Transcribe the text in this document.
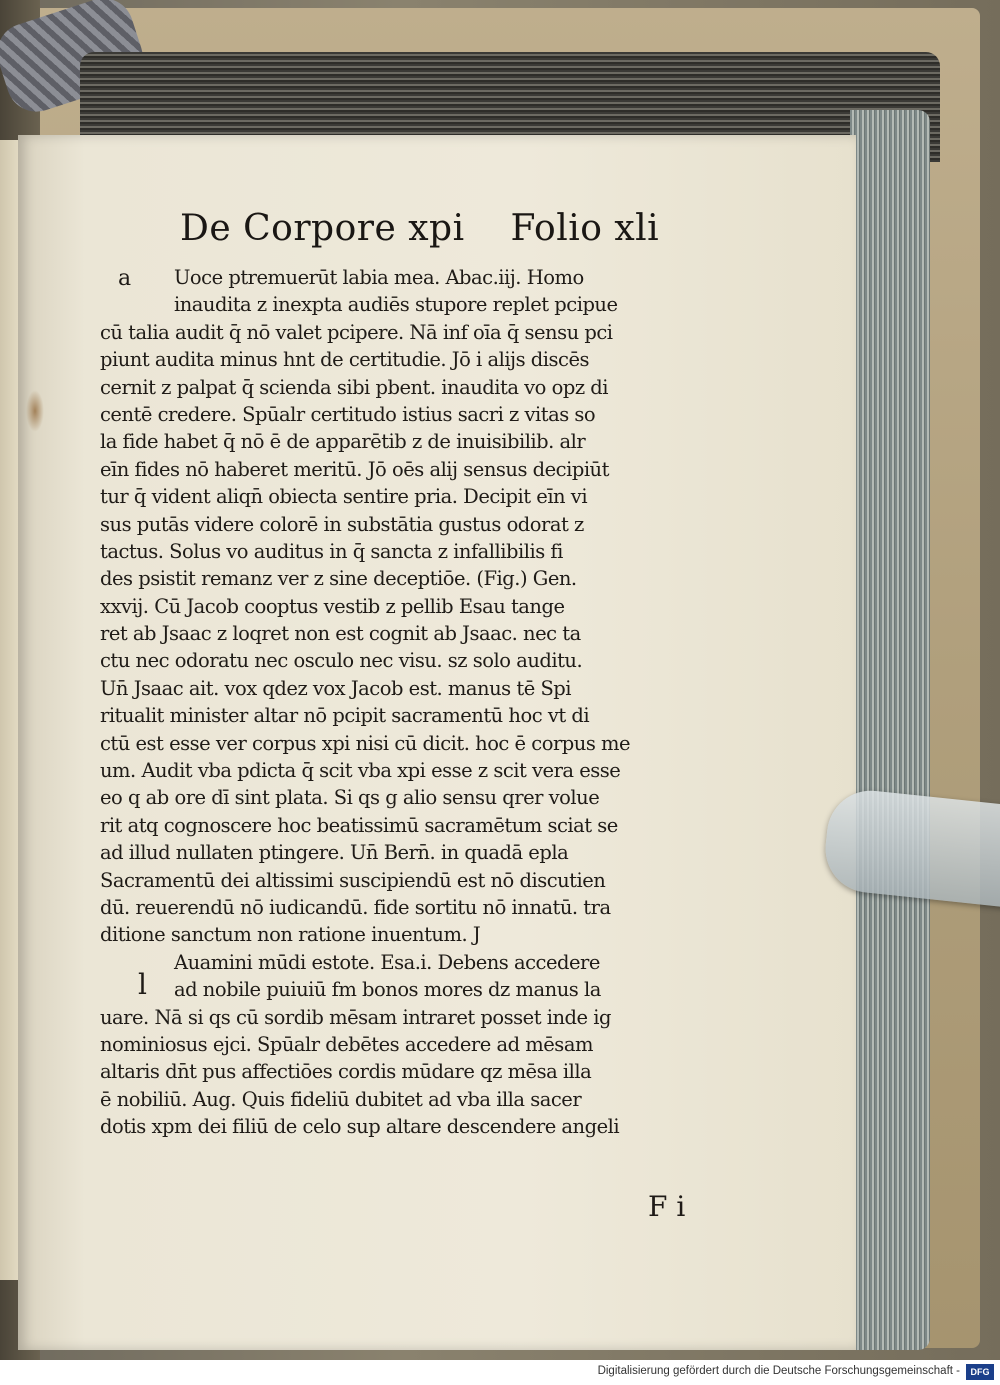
De Corpore xpi Folio xli
a
l
Uoce ptremuerūt labia mea. Abac.iij. Homo
inaudita z inexpta audiēs stupore replet pcipue
cū talia audit q̄ nō valet pcipere. Nā inf oīa q̄ sensu pci
piunt audita minus hnt de certitudie. Jō i alijs discēs
cernit z palpat q̄ scienda sibi pbent. inaudita vo opz di
centē credere. Spūalr certitudo istius sacri z vitas so
la fide habet q̄ nō ē de apparētib z de inuisibilib. alr
eīn fides nō haberet meritū. Jō oēs alij sensus decipiūt
tur q̄ vident aliqn̄ obiecta sentire pria. Decipit eīn vi
sus putās videre colorē in substātia gustus odorat z
tactus. Solus vo auditus in q̄ sancta z infallibilis fi
des psistit remanz ver z sine deceptiōe. (Fig.) Gen.
xxvij. Cū Jacob cooptus vestib z pellib Esau tange
ret ab Jsaac z loqret non est cognit ab Jsaac. nec ta
ctu nec odoratu nec osculo nec visu. sz solo auditu.
Un̄ Jsaac ait. vox qdez vox Jacob est. manus tē Spi
ritualit minister altar nō pcipit sacramentū hoc vt di
ctū est esse ver corpus xpi nisi cū dicit. hoc ē corpus me
um. Audit vba pdicta q̄ scit vba xpi esse z scit vera esse
eo q ab ore dī sint plata. Si qs g alio sensu qrer volue
rit atq cognoscere hoc beatissimū sacramētum sciat se
ad illud nullaten ptingere. Un̄ Bern̄. in quadā epla
Sacramentū dei altissimi suscipiendū est nō discutien
dū. reuerendū nō iudicandū. fide sortitu nō innatū. tra
ditione sanctum non ratione inuentum. J
Auamini mūdi estote. Esa.i. Debens accedere
ad nobile puiuiū fm bonos mores dz manus la
uare. Nā si qs cū sordib mēsam intraret posset inde ig
nominiosus ejci. Spūalr debētes accedere ad mēsam
altaris dn̄t pus affectiōes cordis mūdare qz mēsa illa
ē nobiliū. Aug. Quis fideliū dubitet ad vba illa sacer
dotis xpm dei filiū de celo sup altare descendere angeli
F i
Digitalisierung gefördert durch die Deutsche Forschungsgemeinschaft -	DFG
